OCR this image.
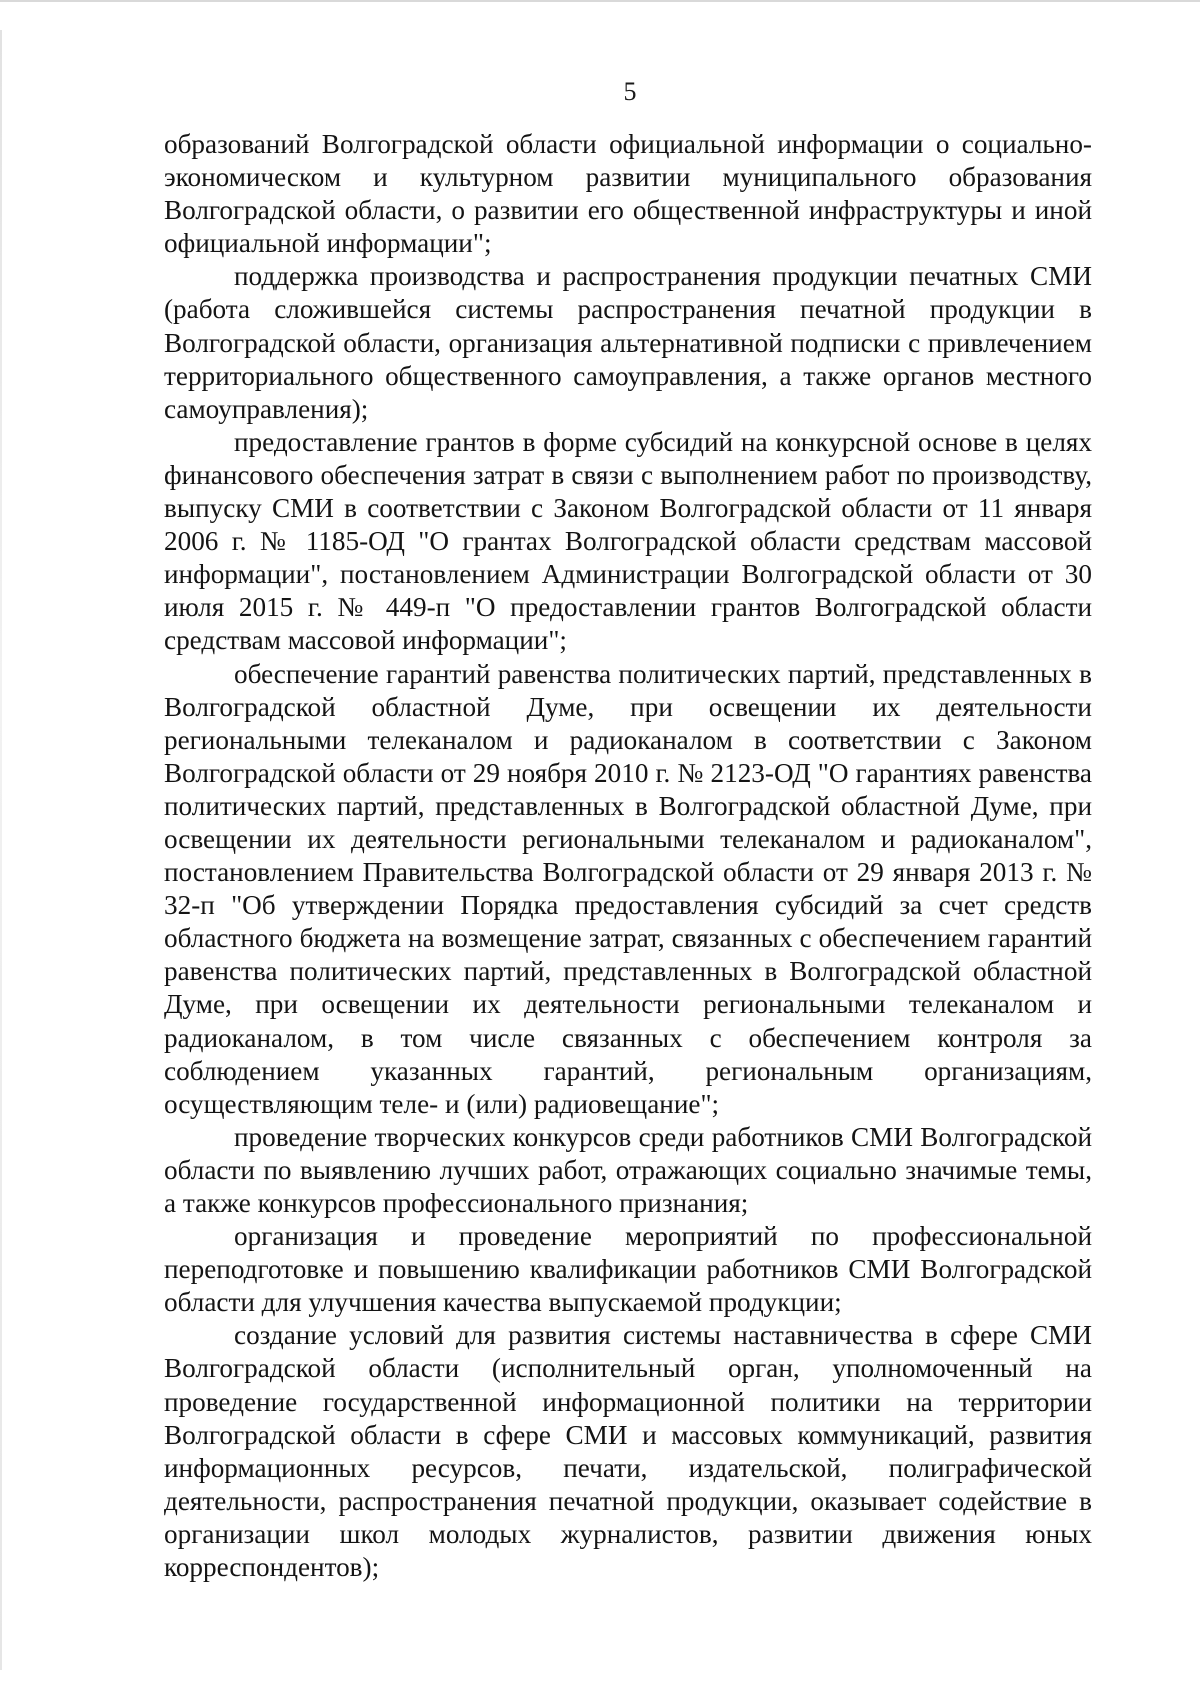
5

образований Волгоградской области официальной информации о социально-экономическом и культурном развитии муниципального образования Волгоградской области, о развитии его общественной инфраструктуры и иной официальной информации";

поддержка производства и распространения продукции печатных СМИ (работа сложившейся системы распространения печатной продукции в Волгоградской области, организация альтернативной подписки с привлечением территориального общественного самоуправления, а также органов местного самоуправления);

предоставление грантов в форме субсидий на конкурсной основе в целях финансового обеспечения затрат в связи с выполнением работ по производству, выпуску СМИ в соответствии с Законом Волгоградской области от 11 января 2006 г. № 1185-ОД "О грантах Волгоградской области средствам массовой информации", постановлением Администрации Волгоградской области от 30 июля 2015 г. № 449-п "О предоставлении грантов Волгоградской области средствам массовой информации";

обеспечение гарантий равенства политических партий, представленных в Волгоградской областной Думе, при освещении их деятельности региональными телеканалом и радиоканалом в соответствии с Законом Волгоградской области от 29 ноября 2010 г. № 2123-ОД "О гарантиях равенства политических партий, представленных в Волгоградской областной Думе, при освещении их деятельности региональными телеканалом и радиоканалом", постановлением Правительства Волгоградской области от 29 января 2013 г. № 32-п "Об утверждении Порядка предоставления субсидий за счет средств областного бюджета на возмещение затрат, связанных с обеспечением гарантий равенства политических партий, представленных в Волгоградской областной Думе, при освещении их деятельности региональными телеканалом и радиоканалом, в том числе связанных с обеспечением контроля за соблюдением указанных гарантий, региональным организациям, осуществляющим теле- и (или) радиовещание";

проведение творческих конкурсов среди работников СМИ Волгоградской области по выявлению лучших работ, отражающих социально значимые темы, а также конкурсов профессионального признания;

организация и проведение мероприятий по профессиональной переподготовке и повышению квалификации работников СМИ Волгоградской области для улучшения качества выпускаемой продукции;

создание условий для развития системы наставничества в сфере СМИ Волгоградской области (исполнительный орган, уполномоченный на проведение государственной информационной политики на территории Волгоградской области в сфере СМИ и массовых коммуникаций, развития информационных ресурсов, печати, издательской, полиграфической деятельности, распространения печатной продукции, оказывает содействие в организации школ молодых журналистов, развитии движения юных корреспондентов);
